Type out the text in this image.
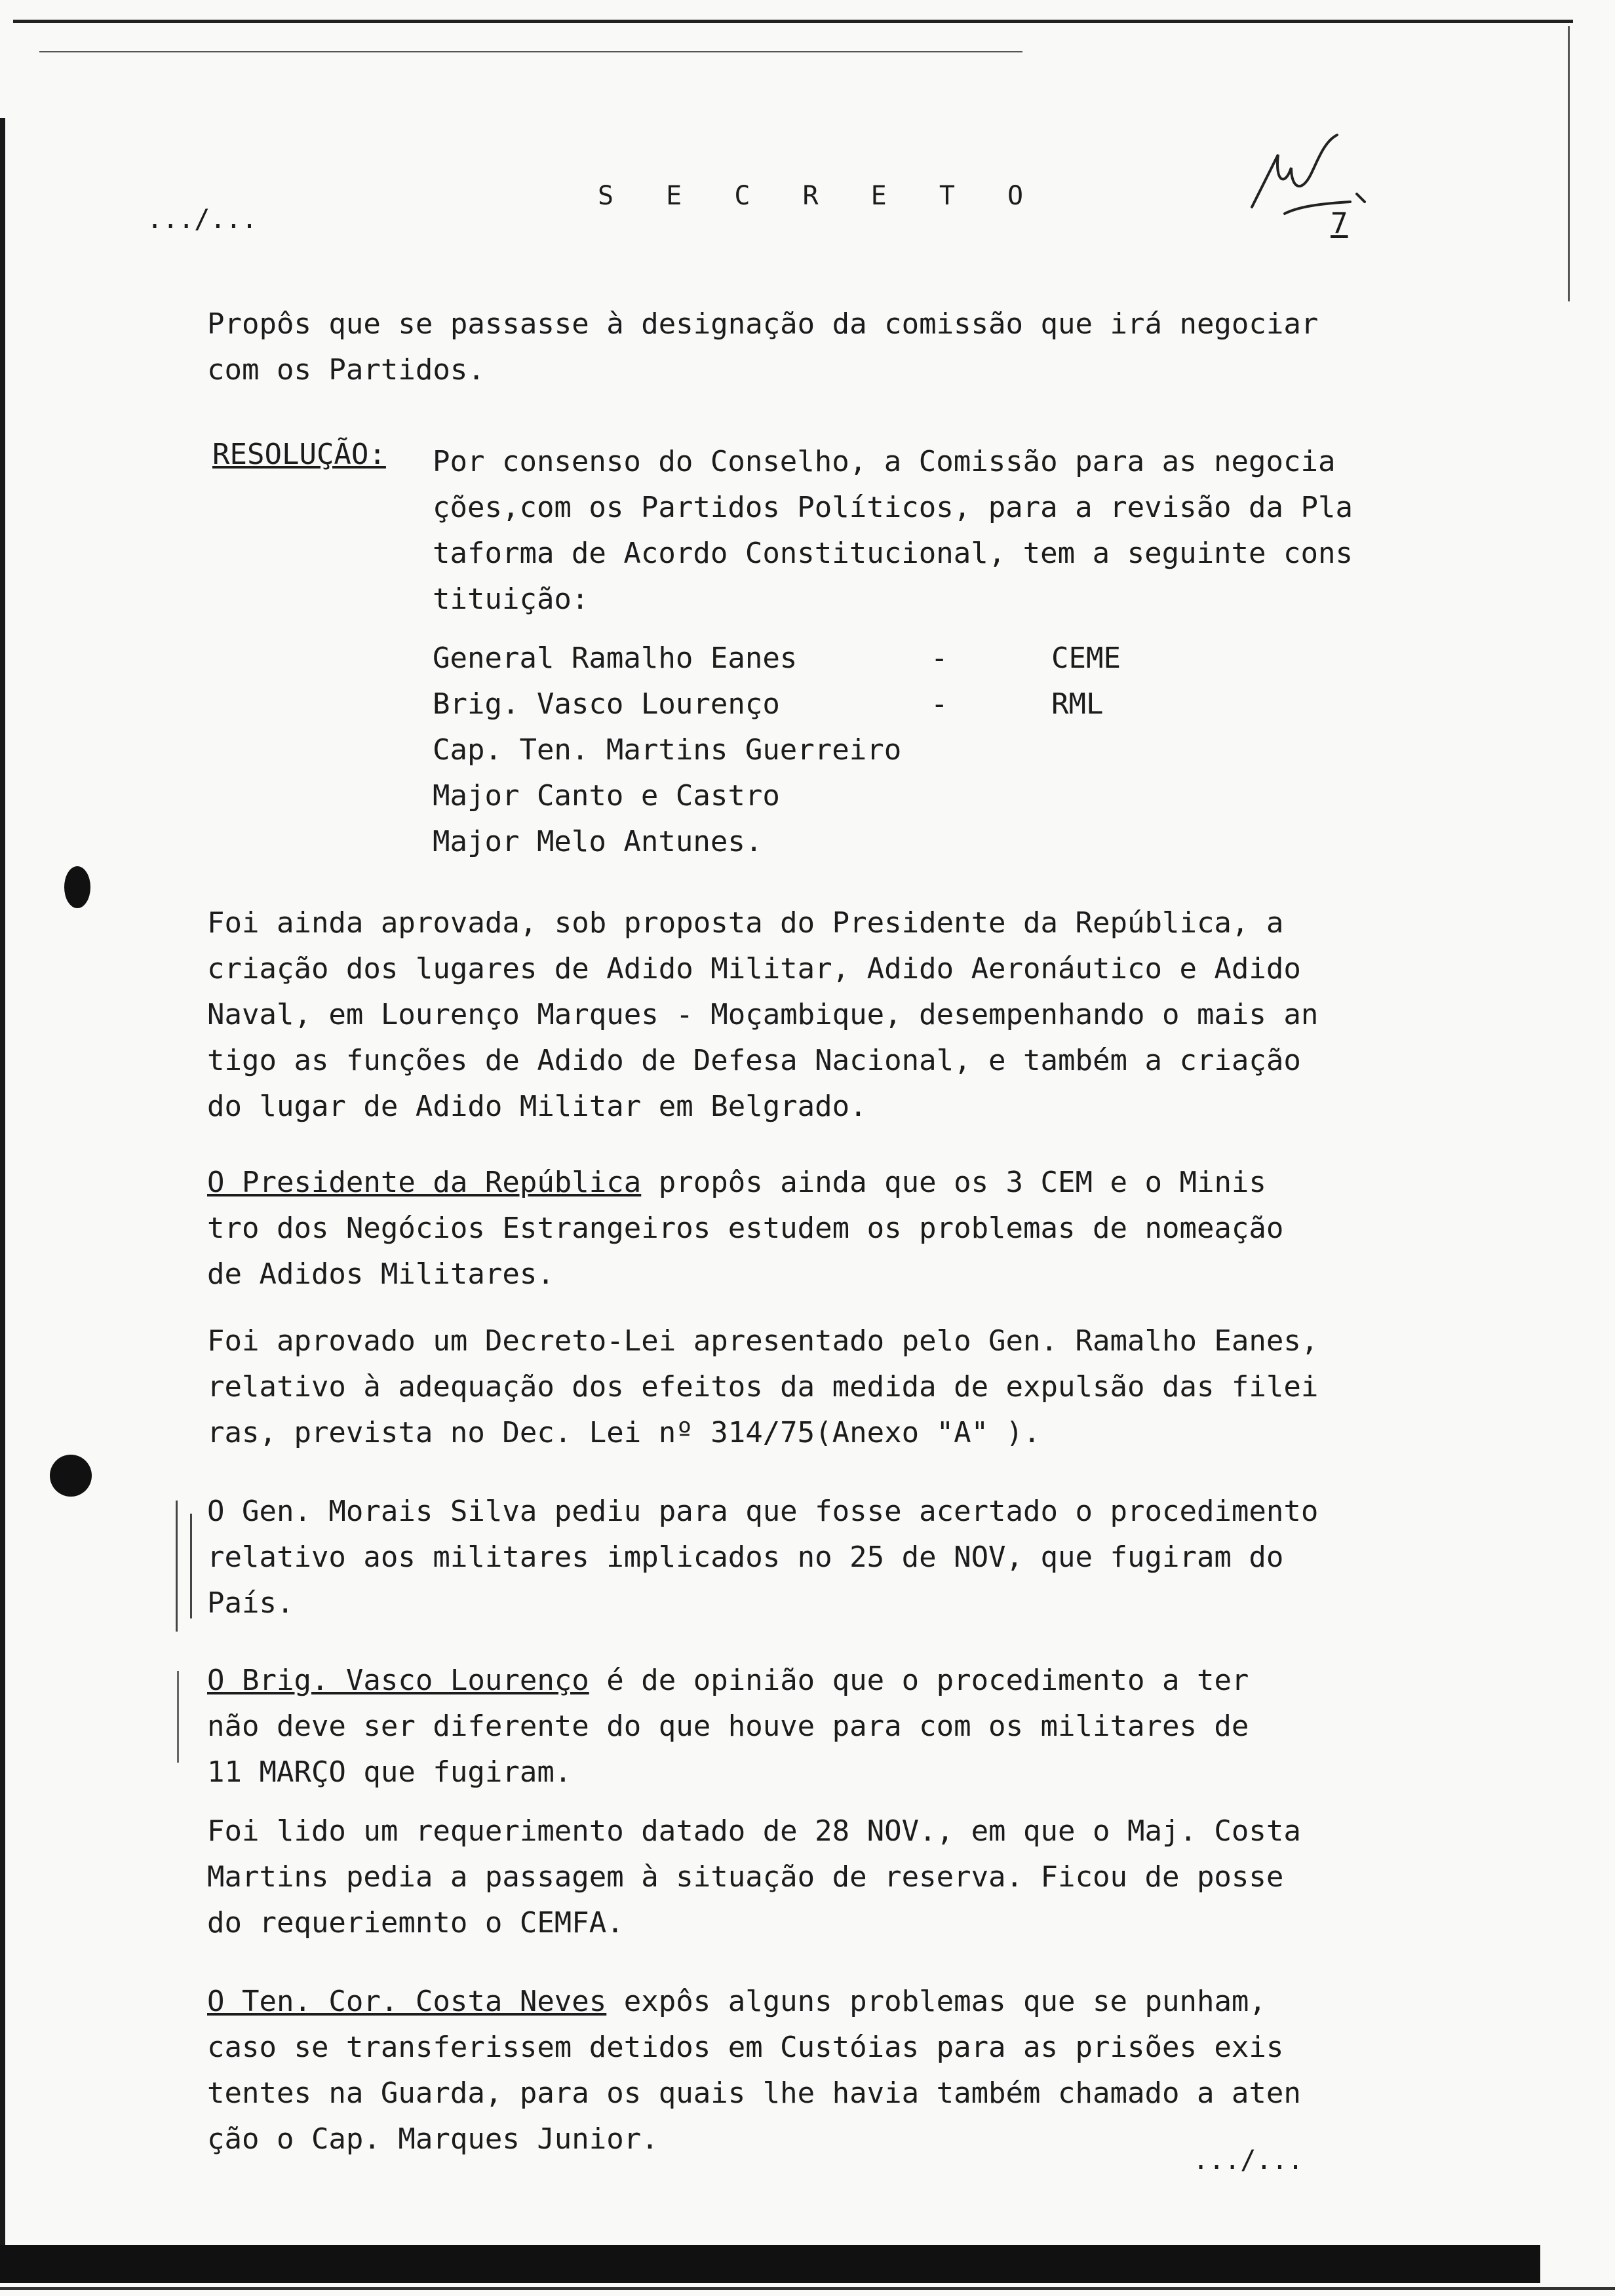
.../...
S E C R E T O
7
Propôs que se passasse à designação da comissão que irá negociar
com os Partidos.
RESOLUÇÃO: Por consenso do Conselho, a Comissão para as negocia
ções,com os Partidos Políticos, para a revisão da Pla
taforma de Acordo Constitucional, tem a seguinte cons
tituição:
General Ramalho Eanes	-	CEME
Brig. Vasco Lourenço	-	RML
Cap. Ten. Martins Guerreiro
Major Canto e Castro
Major Melo Antunes.
Foi ainda aprovada, sob proposta do Presidente da República, a
criação dos lugares de Adido Militar, Adido Aeronáutico e Adido
Naval, em Lourenço Marques - Moçambique, desempenhando o mais an
tigo as funções de Adido de Defesa Nacional, e também a criação
do lugar de Adido Militar em Belgrado.
O Presidente da República propôs ainda que os 3 CEM e o Minis
tro dos Negócios Estrangeiros estudem os problemas de nomeação
de Adidos Militares.
Foi aprovado um Decreto-Lei apresentado pelo Gen. Ramalho Eanes,
relativo à adequação dos efeitos da medida de expulsão das filei
ras, prevista no Dec. Lei nº 314/75(Anexo "A" ).
O Gen. Morais Silva pediu para que fosse acertado o procedimento
relativo aos militares implicados no 25 de NOV, que fugiram do
País.
O Brig. Vasco Lourenço é de opinião que o procedimento a ter
não deve ser diferente do que houve para com os militares de
11 MARÇO que fugiram.
Foi lido um requerimento datado de 28 NOV., em que o Maj. Costa
Martins pedia a passagem à situação de reserva. Ficou de posse
do requeriemnto o CEMFA.
O Ten. Cor. Costa Neves expôs alguns problemas que se punham,
caso se transferissem detidos em Custóias para as prisões exis
tentes na Guarda, para os quais lhe havia também chamado a aten
ção o Cap. Marques Junior.
.../...
